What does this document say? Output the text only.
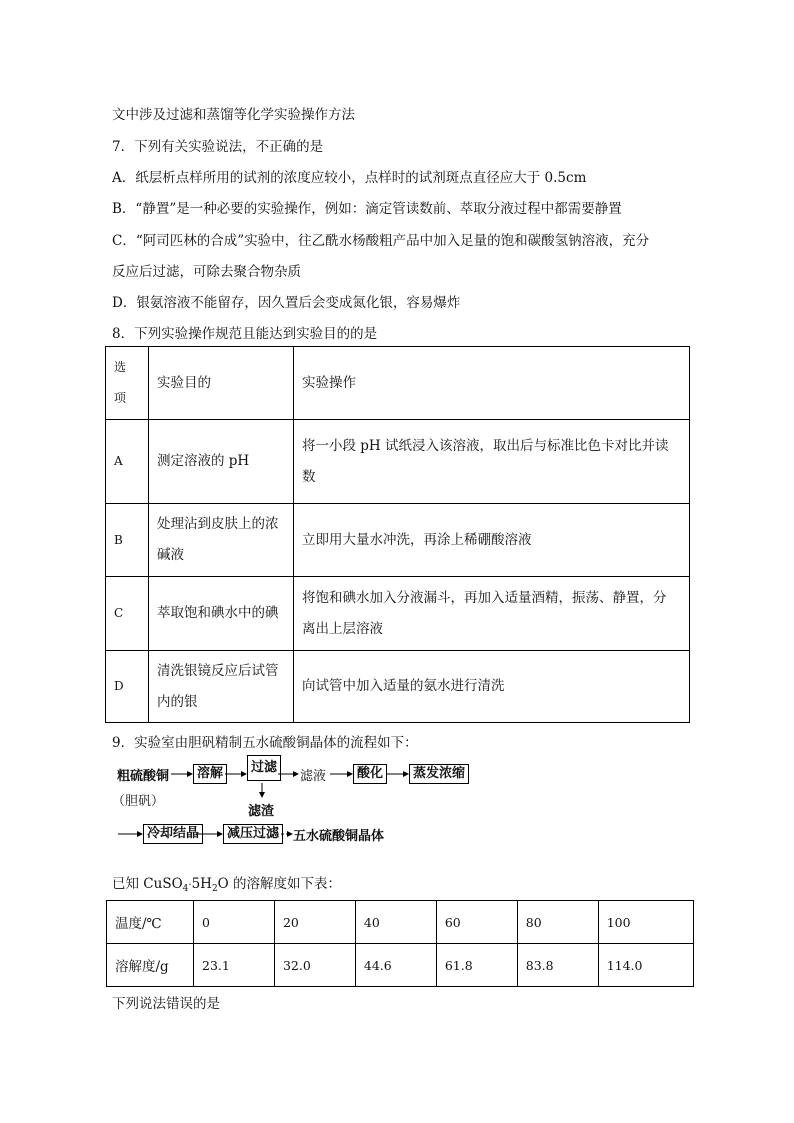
文中涉及过滤和蒸馏等化学实验操作方法
7．下列有关实验说法，不正确的是
A．纸层析点样所用的试剂的浓度应较小，点样时的试剂斑点直径应大于 0.5cm
B．“静置”是一种必要的实验操作，例如：滴定管读数前、萃取分液过程中都需要静置
C．“阿司匹林的合成”实验中，往乙酰水杨酸粗产品中加入足量的饱和碳酸氢钠溶液，充分
反应后过滤，可除去聚合物杂质
D．银氨溶液不能留存，因久置后会变成氮化银，容易爆炸
8．下列实验操作规范且能达到实验目的的是
选
项	实验目的	实验操作
A	测定溶液的 pH	将一小段 pH 试纸浸入该溶液，取出后与标准比色卡对比并读
数

B	处理沾到皮肤上的浓
碱液	立即用大量水冲洗，再涂上稀硼酸溶液

C	萃取饱和碘水中的碘	将饱和碘水加入分液漏斗，再加入适量酒精，振荡、静置，分
离出上层溶液

D	清洗银镜反应后试管
内的银	向试管中加入适量的氨水进行清洗
9．实验室由胆矾精制五水硫酸铜晶体的流程如下：
粗硫酸铜
（胆矾）
溶解	过滤
滤渣
滤液	酸化	蒸发浓缩
冷却结晶	减压过滤	五水硫酸铜晶体
已知 $CuSO_4\cdot 5H_2O$ 的溶解度如下表：
温度/℃	0	20	40	60	80	100
溶解度/g	23.1	32.0	44.6	61.8	83.8	114.0
下列说法错误的是
